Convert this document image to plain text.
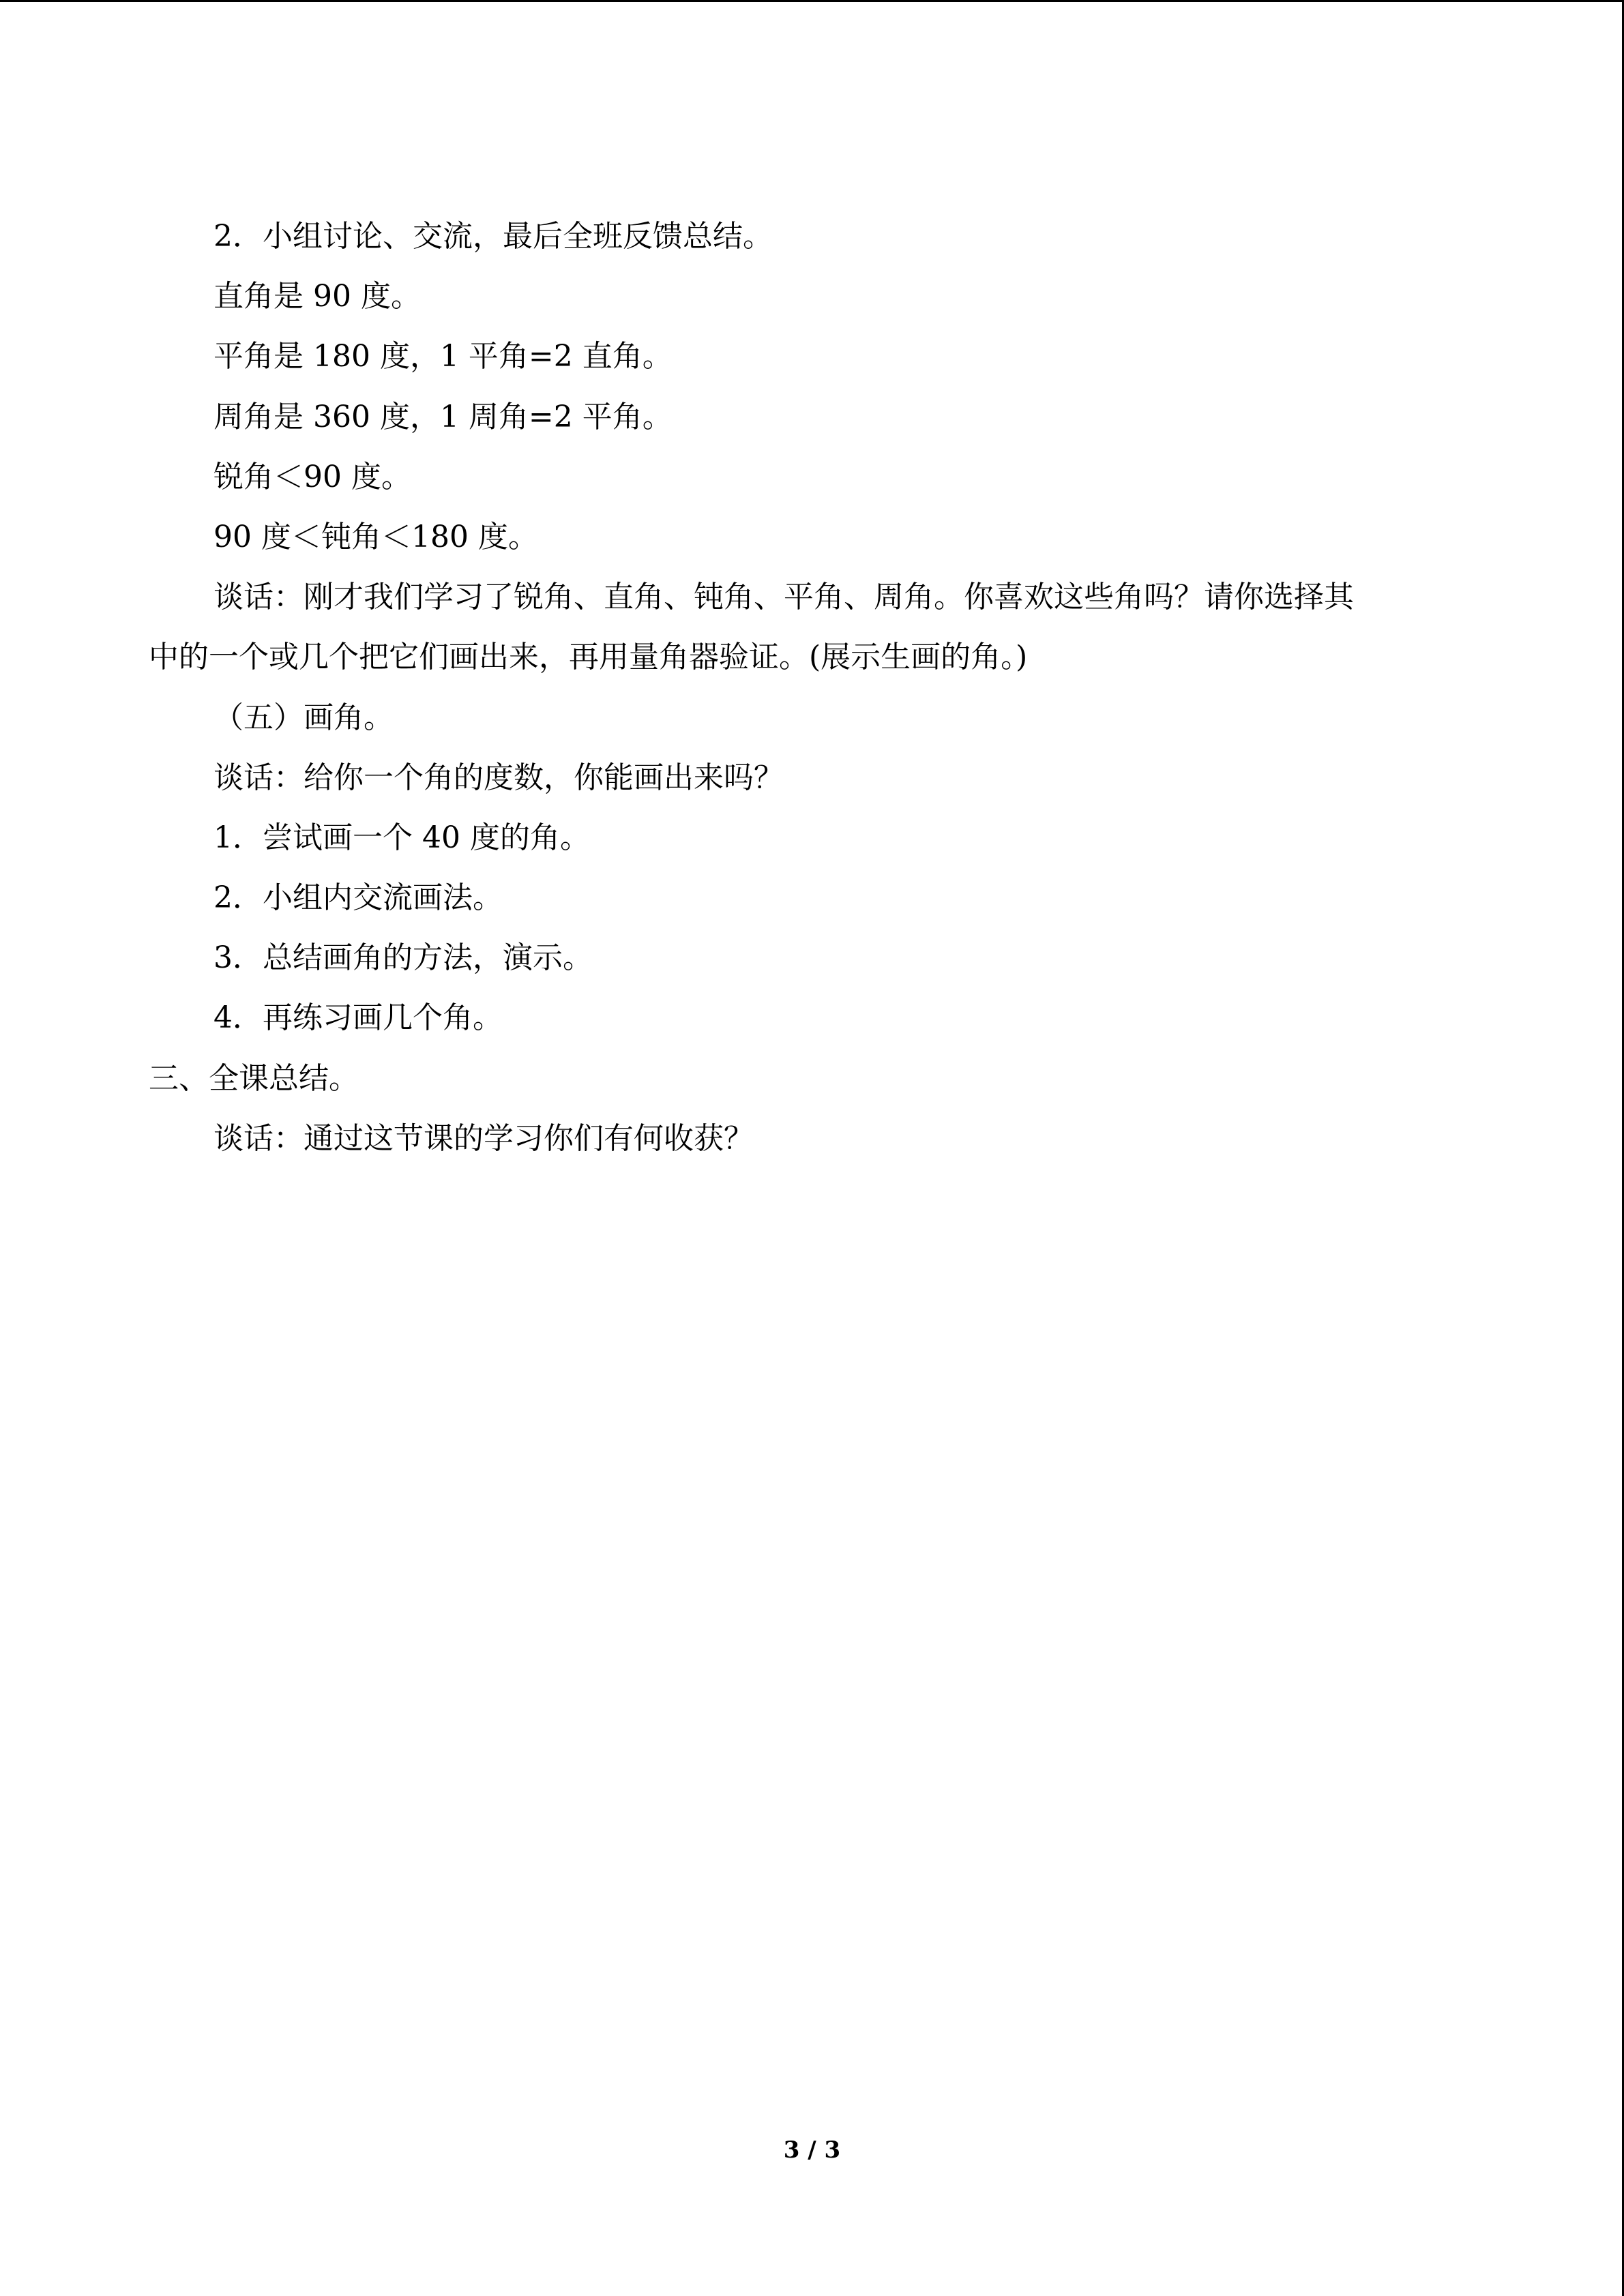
2．小组讨论、交流，最后全班反馈总结。
直角是 90 度。
平角是 180 度，1 平角=2 直角。
周角是 360 度，1 周角=2 平角。
锐角＜90 度。
90 度＜钝角＜180 度。
谈话：刚才我们学习了锐角、直角、钝角、平角、周角。你喜欢这些角吗？请你选择其
中的一个或几个把它们画出来，再用量角器验证。(展示生画的角。)
（五）画角。
谈话：给你一个角的度数，你能画出来吗？
1．尝试画一个 40 度的角。
2．小组内交流画法。
3．总结画角的方法，演示。
4．再练习画几个角。
三、全课总结。
谈话：通过这节课的学习你们有何收获？
3 / 3
